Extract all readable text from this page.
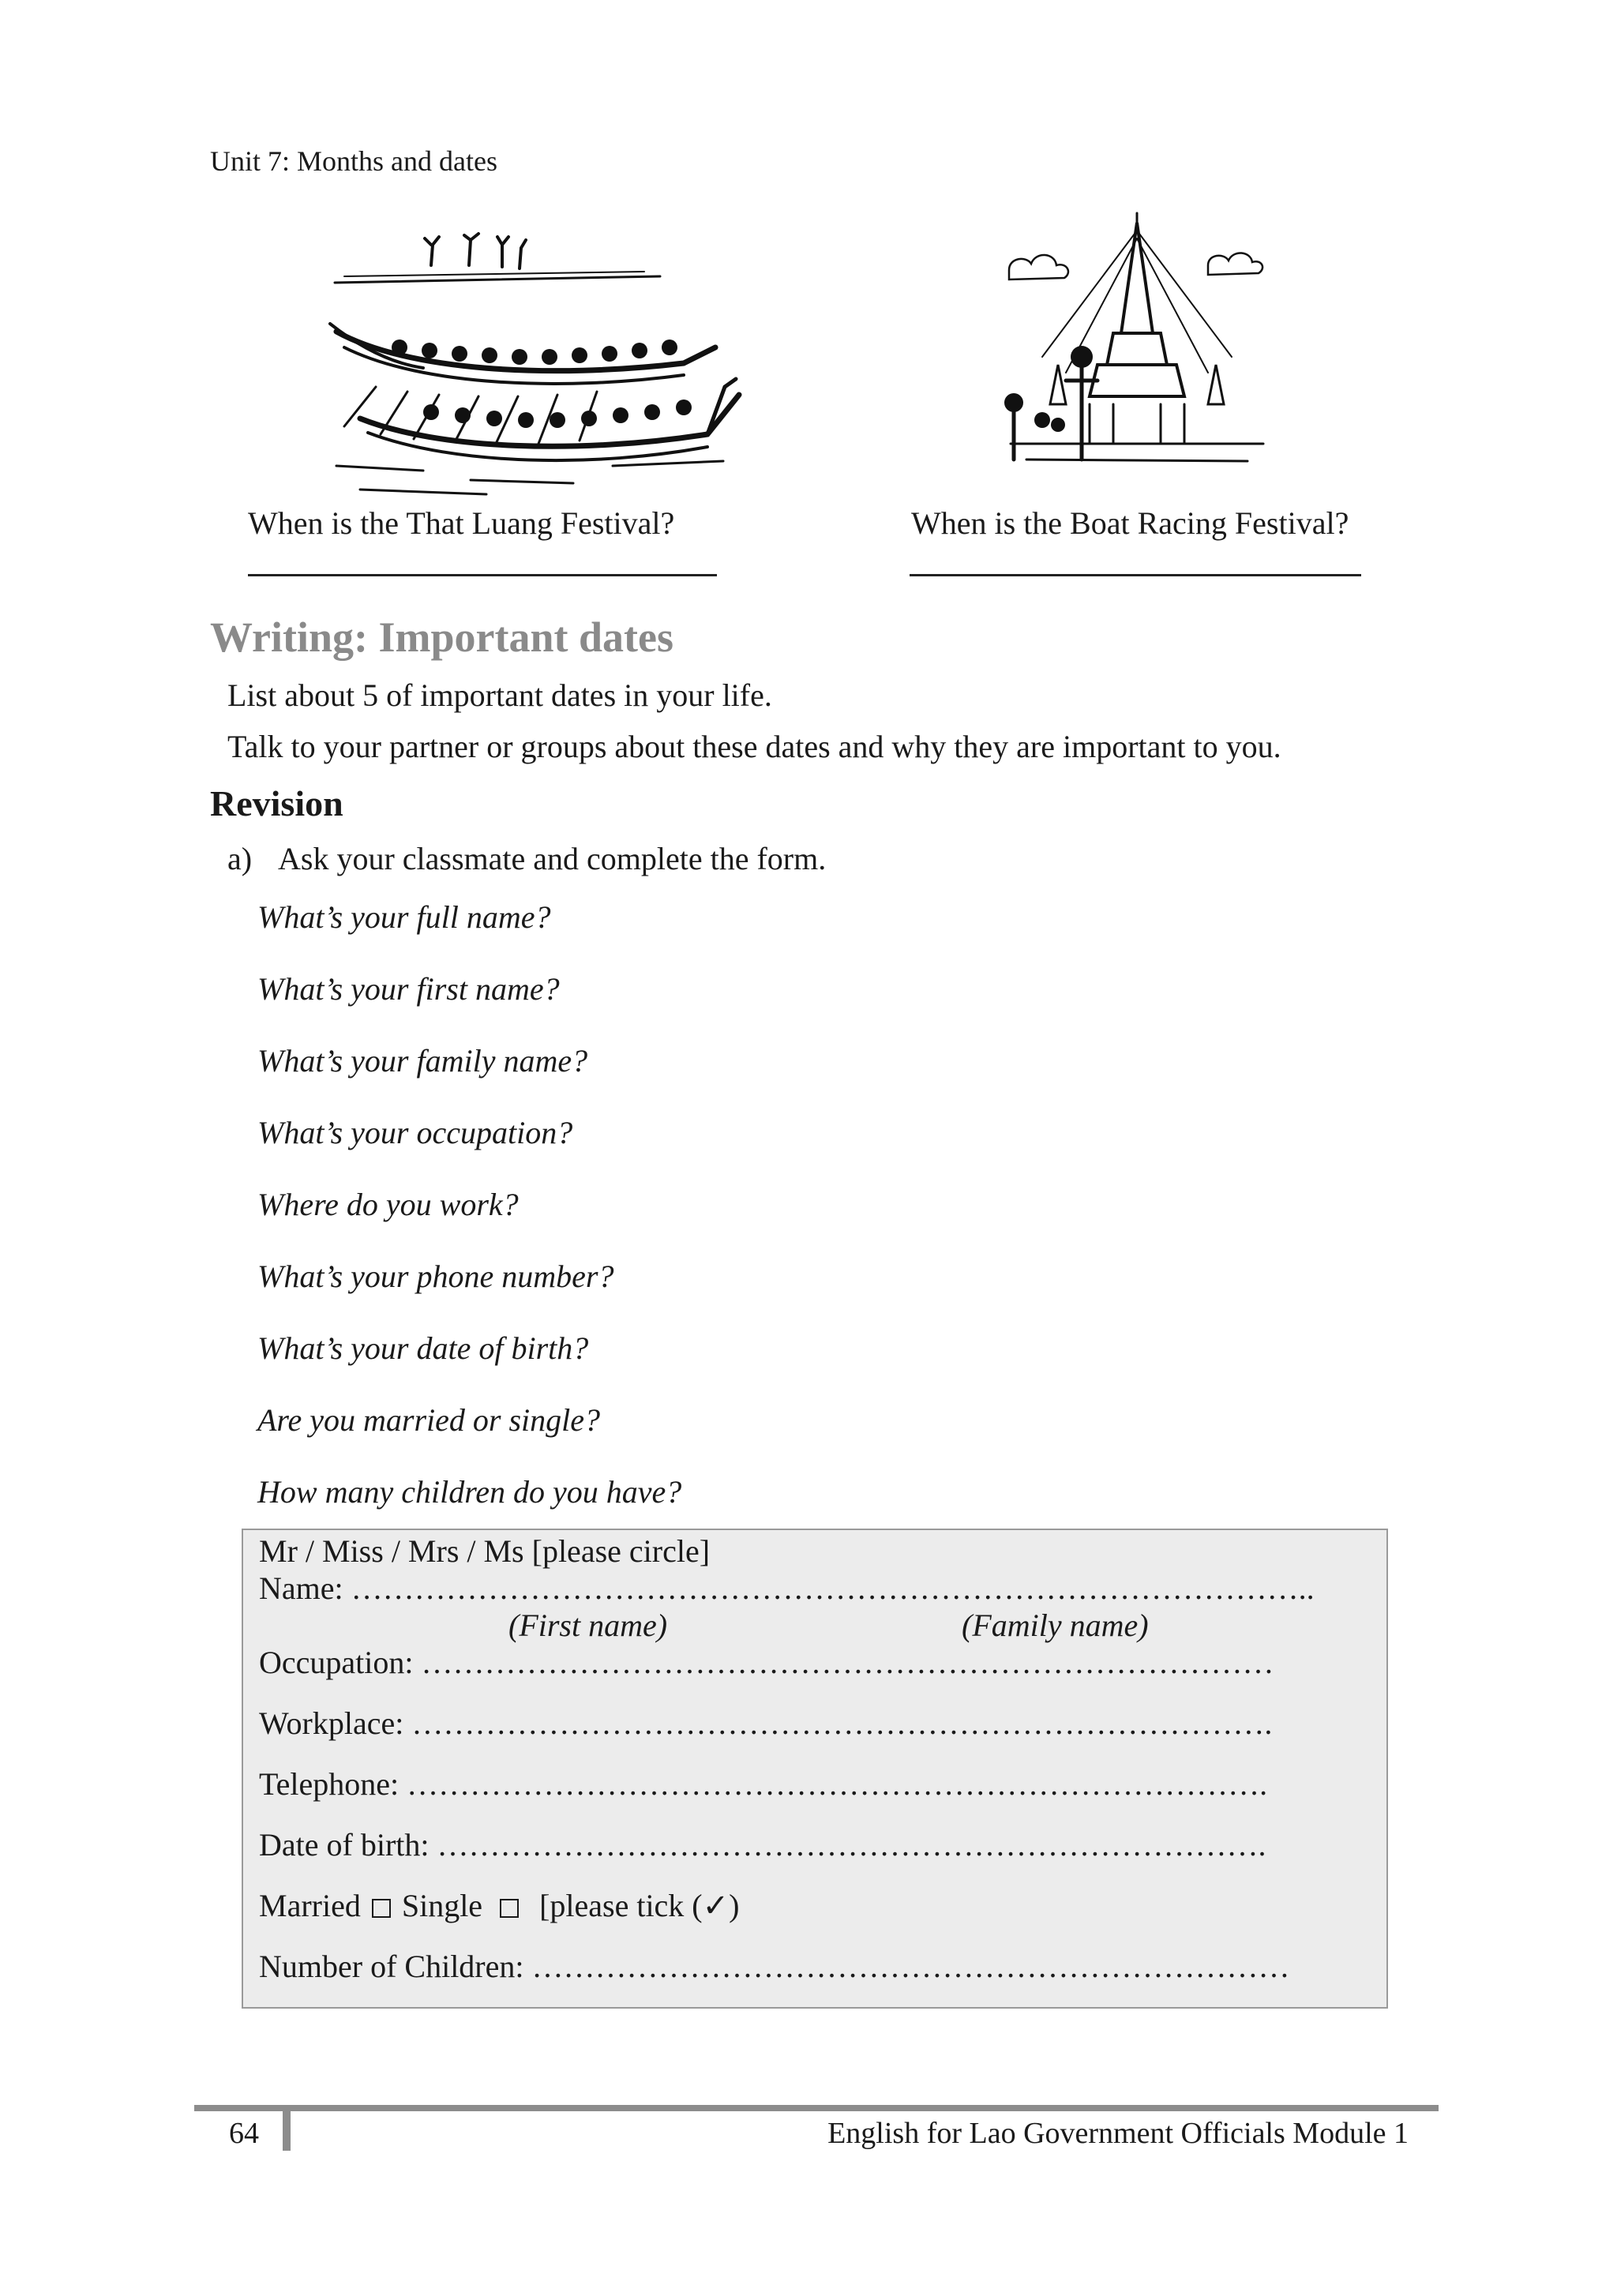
Unit 7: Months and dates
When is the That Luang Festival?	When is the Boat Racing Festival?
Writing: Important dates
List about 5 of important dates in your life.
Talk to your partner or groups about these dates and why they are important to you.
Revision
a) Ask your classmate and complete the form.
What’s your full name?
What’s your first name?
What’s your family name?
What’s your occupation?
Where do you work?
What’s your phone number?
What’s your date of birth?
Are you married or single?
How many children do you have?
Mr / Miss / Mrs / Ms [please circle]
Name: ………………………………………………………………………………..
(First name)	(Family name)
Occupation: ………………………………………………………………………
Workplace: ……………………………………………………………………….
Telephone: ……………………………………………………………………….
Date of birth: …………………………………………………………………….
Married Single [please tick (✓)
Number of Children: ………………………………………………………………
64	English for Lao Government Officials Module 1
